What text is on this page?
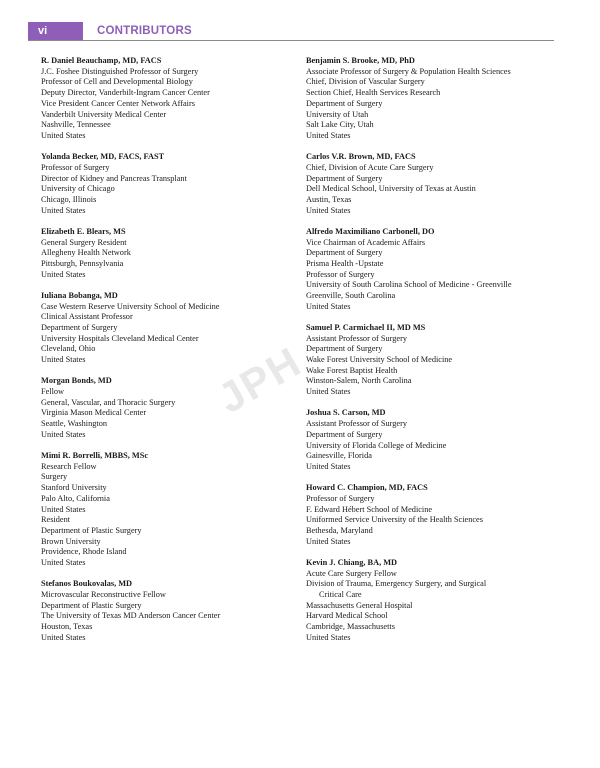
vi	CONTRIBUTORS
R. Daniel Beauchamp, MD, FACS
J.C. Foshee Distinguished Professor of Surgery
Professor of Cell and Developmental Biology
Deputy Director, Vanderbilt-Ingram Cancer Center
Vice President Cancer Center Network Affairs
Vanderbilt University Medical Center
Nashville, Tennessee
United States
Yolanda Becker, MD, FACS, FAST
Professor of Surgery
Director of Kidney and Pancreas Transplant
University of Chicago
Chicago, Illinois
United States
Elizabeth E. Blears, MS
General Surgery Resident
Allegheny Health Network
Pittsburgh, Pennsylvania
United States
Iuliana Bobanga, MD
Case Western Reserve University School of Medicine
Clinical Assistant Professor
Department of Surgery
University Hospitals Cleveland Medical Center
Cleveland, Ohio
United States
Morgan Bonds, MD
Fellow
General, Vascular, and Thoracic Surgery
Virginia Mason Medical Center
Seattle, Washington
United States
Mimi R. Borrelli, MBBS, MSc
Research Fellow
Surgery
Stanford University
Palo Alto, California
United States
Resident
Department of Plastic Surgery
Brown University
Providence, Rhode Island
United States
Stefanos Boukovalas, MD
Microvascular Reconstructive Fellow
Department of Plastic Surgery
The University of Texas MD Anderson Cancer Center
Houston, Texas
United States
Benjamin S. Brooke, MD, PhD
Associate Professor of Surgery & Population Health Sciences
Chief, Division of Vascular Surgery
Section Chief, Health Services Research
Department of Surgery
University of Utah
Salt Lake City, Utah
United States
Carlos V.R. Brown, MD, FACS
Chief, Division of Acute Care Surgery
Department of Surgery
Dell Medical School, University of Texas at Austin
Austin, Texas
United States
Alfredo Maximiliano Carbonell, DO
Vice Chairman of Academic Affairs
Department of Surgery
Prisma Health -Upstate
Professor of Surgery
University of South Carolina School of Medicine - Greenville
Greenville, South Carolina
United States
Samuel P. Carmichael II, MD MS
Assistant Professor of Surgery
Department of Surgery
Wake Forest University School of Medicine
Wake Forest Baptist Health
Winston-Salem, North Carolina
United States
Joshua S. Carson, MD
Assistant Professor of Surgery
Department of Surgery
University of Florida College of Medicine
Gainesville, Florida
United States
Howard C. Champion, MD, FACS
Professor of Surgery
F. Edward Hébert School of Medicine
Uniformed Service University of the Health Sciences
Bethesda, Maryland
United States
Kevin J. Chiang, BA, MD
Acute Care Surgery Fellow
Division of Trauma, Emergency Surgery, and Surgical
Critical Care
Massachusetts General Hospital
Harvard Medical School
Cambridge, Massachusetts
United States
JPH
